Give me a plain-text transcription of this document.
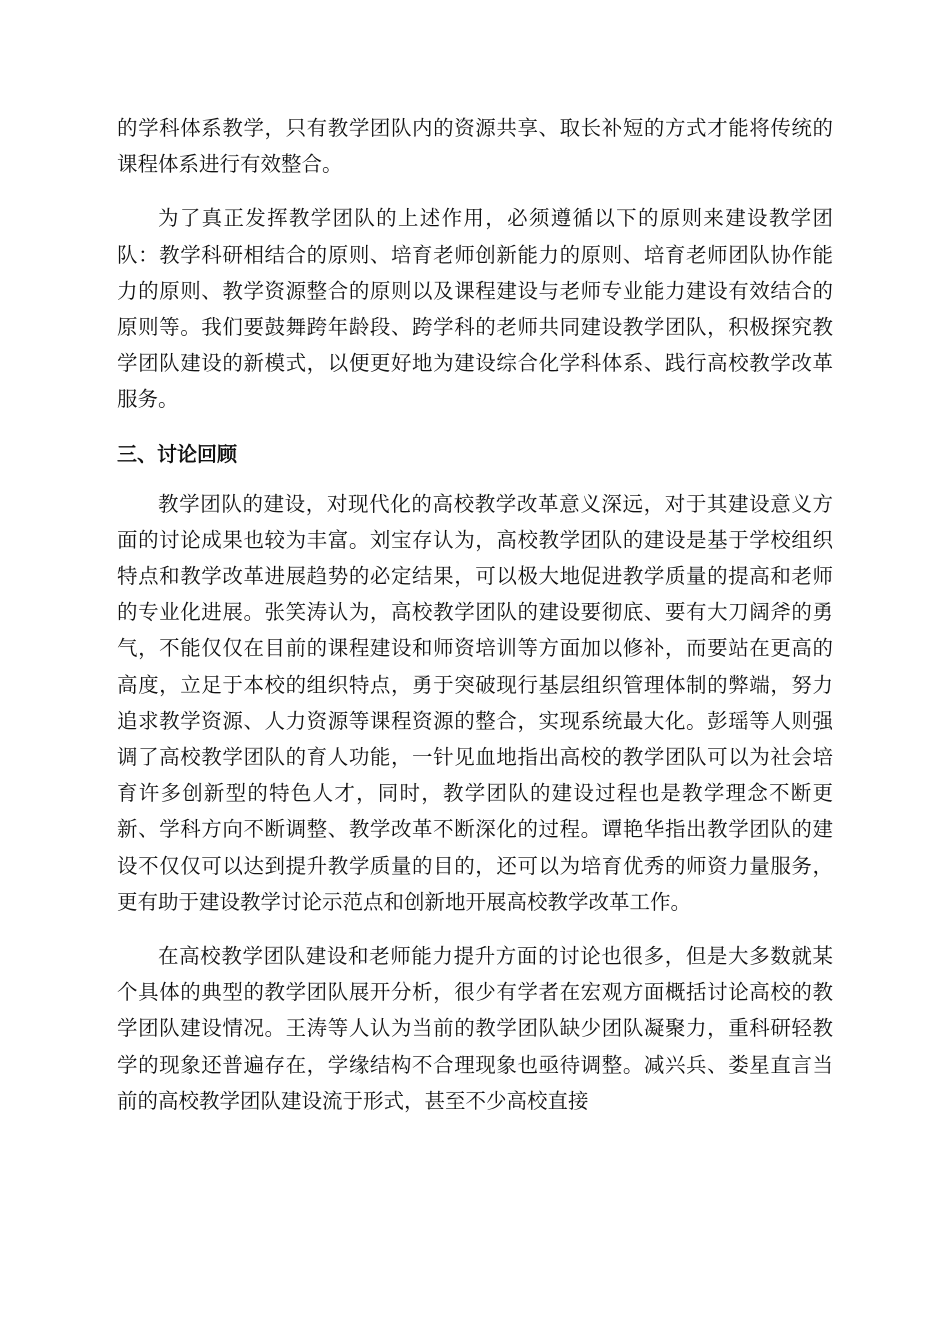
的学科体系教学，只有教学团队内的资源共享、取长补短的方式才能将传统的课程体系进行有效整合。

为了真正发挥教学团队的上述作用，必须遵循以下的原则来建设教学团队：教学科研相结合的原则、培育老师创新能力的原则、培育老师团队协作能力的原则、教学资源整合的原则以及课程建设与老师专业能力建设有效结合的原则等。我们要鼓舞跨年龄段、跨学科的老师共同建设教学团队，积极探究教学团队建设的新模式，以便更好地为建设综合化学科体系、践行高校教学改革服务。

三、讨论回顾

教学团队的建设，对现代化的高校教学改革意义深远，对于其建设意义方面的讨论成果也较为丰富。刘宝存认为，高校教学团队的建设是基于学校组织特点和教学改革进展趋势的必定结果，可以极大地促进教学质量的提高和老师的专业化进展。张笑涛认为，高校教学团队的建设要彻底、要有大刀阔斧的勇气，不能仅仅在目前的课程建设和师资培训等方面加以修补，而要站在更高的高度，立足于本校的组织特点，勇于突破现行基层组织管理体制的弊端，努力追求教学资源、人力资源等课程资源的整合，实现系统最大化。彭瑶等人则强调了高校教学团队的育人功能，一针见血地指出高校的教学团队可以为社会培育许多创新型的特色人才，同时，教学团队的建设过程也是教学理念不断更新、学科方向不断调整、教学改革不断深化的过程。谭艳华指出教学团队的建设不仅仅可以达到提升教学质量的目的，还可以为培育优秀的师资力量服务，更有助于建设教学讨论示范点和创新地开展高校教学改革工作。

在高校教学团队建设和老师能力提升方面的讨论也很多，但是大多数就某个具体的典型的教学团队展开分析，很少有学者在宏观方面概括讨论高校的教学团队建设情况。王涛等人认为当前的教学团队缺少团队凝聚力，重科研轻教学的现象还普遍存在，学缘结构不合理现象也亟待调整。减兴兵、娄星直言当前的高校教学团队建设流于形式，甚至不少高校直接
